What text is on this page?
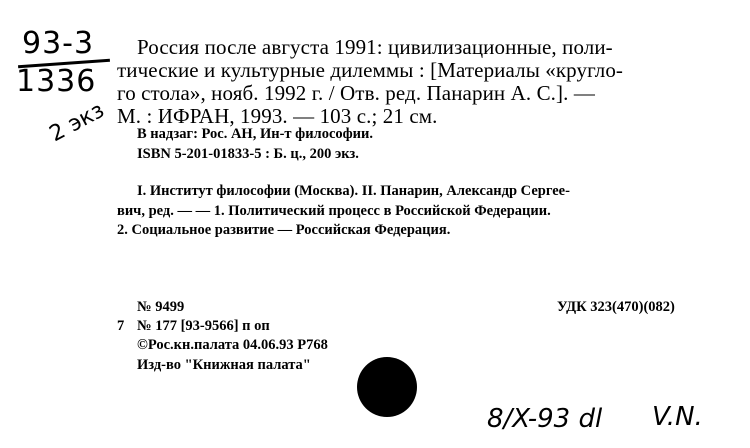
93-3
1336
2 экз
Россия после августа 1991: цивилизационные, поли-
тические и культурные дилеммы : [Материалы «кругло-
го стола», нояб. 1992 г. / Отв. ред. Панарин А. С.]. —
М. : ИФРАН, 1993. — 103 с.; 21 см.
В надзаг: Рос. АН, Ин-т философии.
ISBN 5-201-01833-5 : Б. ц., 200 экз.
I. Институт философии (Москва). II. Панарин, Александр Сергее-
вич, ред. — — 1. Политический процесс в Российской Федерации.
2. Социальное развитие — Российская Федерация.
№ 9499	УДК 323(470)(082)
7 № 177 [93-9566] п оп
©Рос.кн.палата 04.06.93 Р768
Изд-во "Книжная палата"
8/X-93 dl V.N.
